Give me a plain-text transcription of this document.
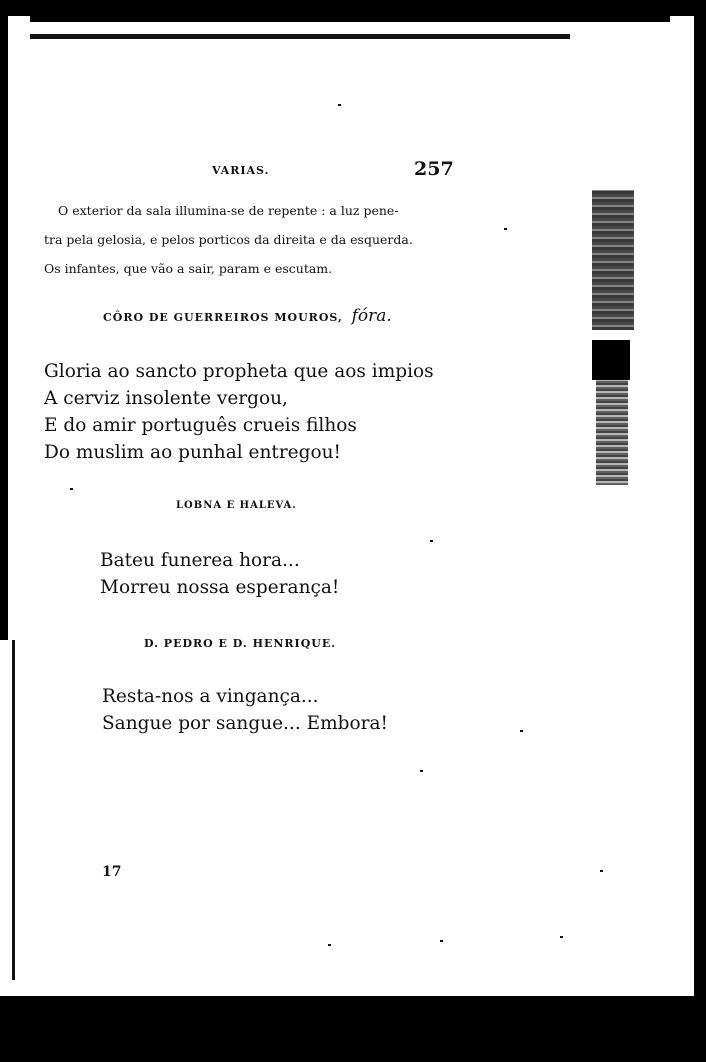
VARIAS.	257
O exterior da sala illumina-se de repente : a luz pene-
tra pela gelosia, e pelos porticos da direita e da esquerda.
Os infantes, que vão a sair, param e escutam.
CÔRO DE GUERREIROS MOUROS, fóra.
Gloria ao sancto propheta que aos impios
A cerviz insolente vergou,
E do amir português crueis filhos
Do muslim ao punhal entregou!
LOBNA E HALEVA.
Bateu funerea hora...
Morreu nossa esperança!
D. PEDRO E D. HENRIQUE.
Resta-nos a vingança...
Sangue por sangue... Embora!
17
